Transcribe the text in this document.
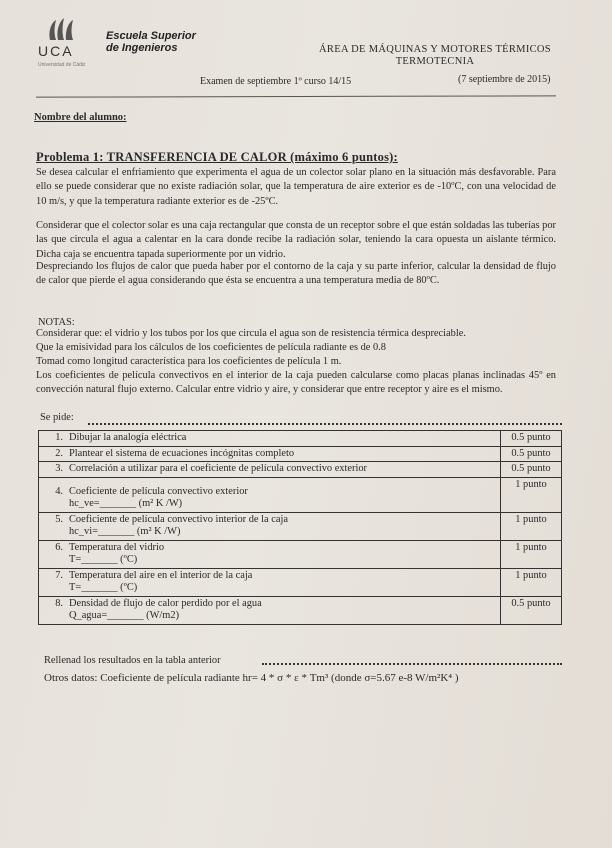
UCA
Universidad de Cádiz
Escuela Superior
de Ingenieros	ÁREA DE MÁQUINAS Y MOTORES TÉRMICOS
TERMOTECNIA
Examen de septiembre 1º curso 14/15	(7 septiembre de 2015)
Nombre del alumno:
Problema 1: TRANSFERENCIA DE CALOR (máximo 6 puntos):
Se desea calcular el enfriamiento que experimenta el agua de un colector solar plano en la situación más desfavorable. Para ello se puede considerar que no existe radiación solar, que la temperatura de aire exterior es de -10ºC, con una velocidad de 10 m/s, y que la temperatura radiante exterior es de -25ºC.
Considerar que el colector solar es una caja rectangular que consta de un receptor sobre el que están soldadas las tuberías por las que circula el agua a calentar en la cara donde recibe la radiación solar, teniendo la cara opuesta un aislante térmico. Dicha caja se encuentra tapada superiormente por un vidrio.
Despreciando los flujos de calor que pueda haber por el contorno de la caja y su parte inferior, calcular la densidad de flujo de calor que pierde el agua considerando que ésta se encuentra a una temperatura media de 80ºC.
NOTAS:
Considerar que: el vidrio y los tubos por los que circula el agua son de resistencia térmica despreciable.
Que la emisividad para los cálculos de los coeficientes de película radiante es de 0.8
Tomad como longitud característica para los coeficientes de película 1 m.
Los coeficientes de película convectivos en el interior de la caja pueden calcularse como placas planas inclinadas 45º en convección natural flujo externo. Calcular entre vidrio y aire, y considerar que entre receptor y aire es el mismo.
Se pide:
1. Dibujar la analogía eléctrica	0.5 punto

2. Plantear el sistema de ecuaciones incógnitas completo	0.5 punto

3. Correlación a utilizar para el coeficiente de película convectivo exterior	0.5 punto

4. Coeficiente de película convectivo exterior
hc_ve=_______ (m² K /W)	1 punto

5. Coeficiente de película convectivo interior de la caja
hc_vi=_______ (m² K /W)	1 punto

6. Temperatura del vidrio
T=_______ (ºC)	1 punto

7. Temperatura del aire en el interior de la caja
T=_______ (ºC)	1 punto

8. Densidad de flujo de calor perdido por el agua
Q_agua=_______ (W/m2)	0.5 punto
Rellenad los resultados en la tabla anterior
Otros datos: Coeficiente de película radiante hr= 4 * σ * ε * Tm³ (donde σ=5.67 e-8 W/m²K⁴ )
